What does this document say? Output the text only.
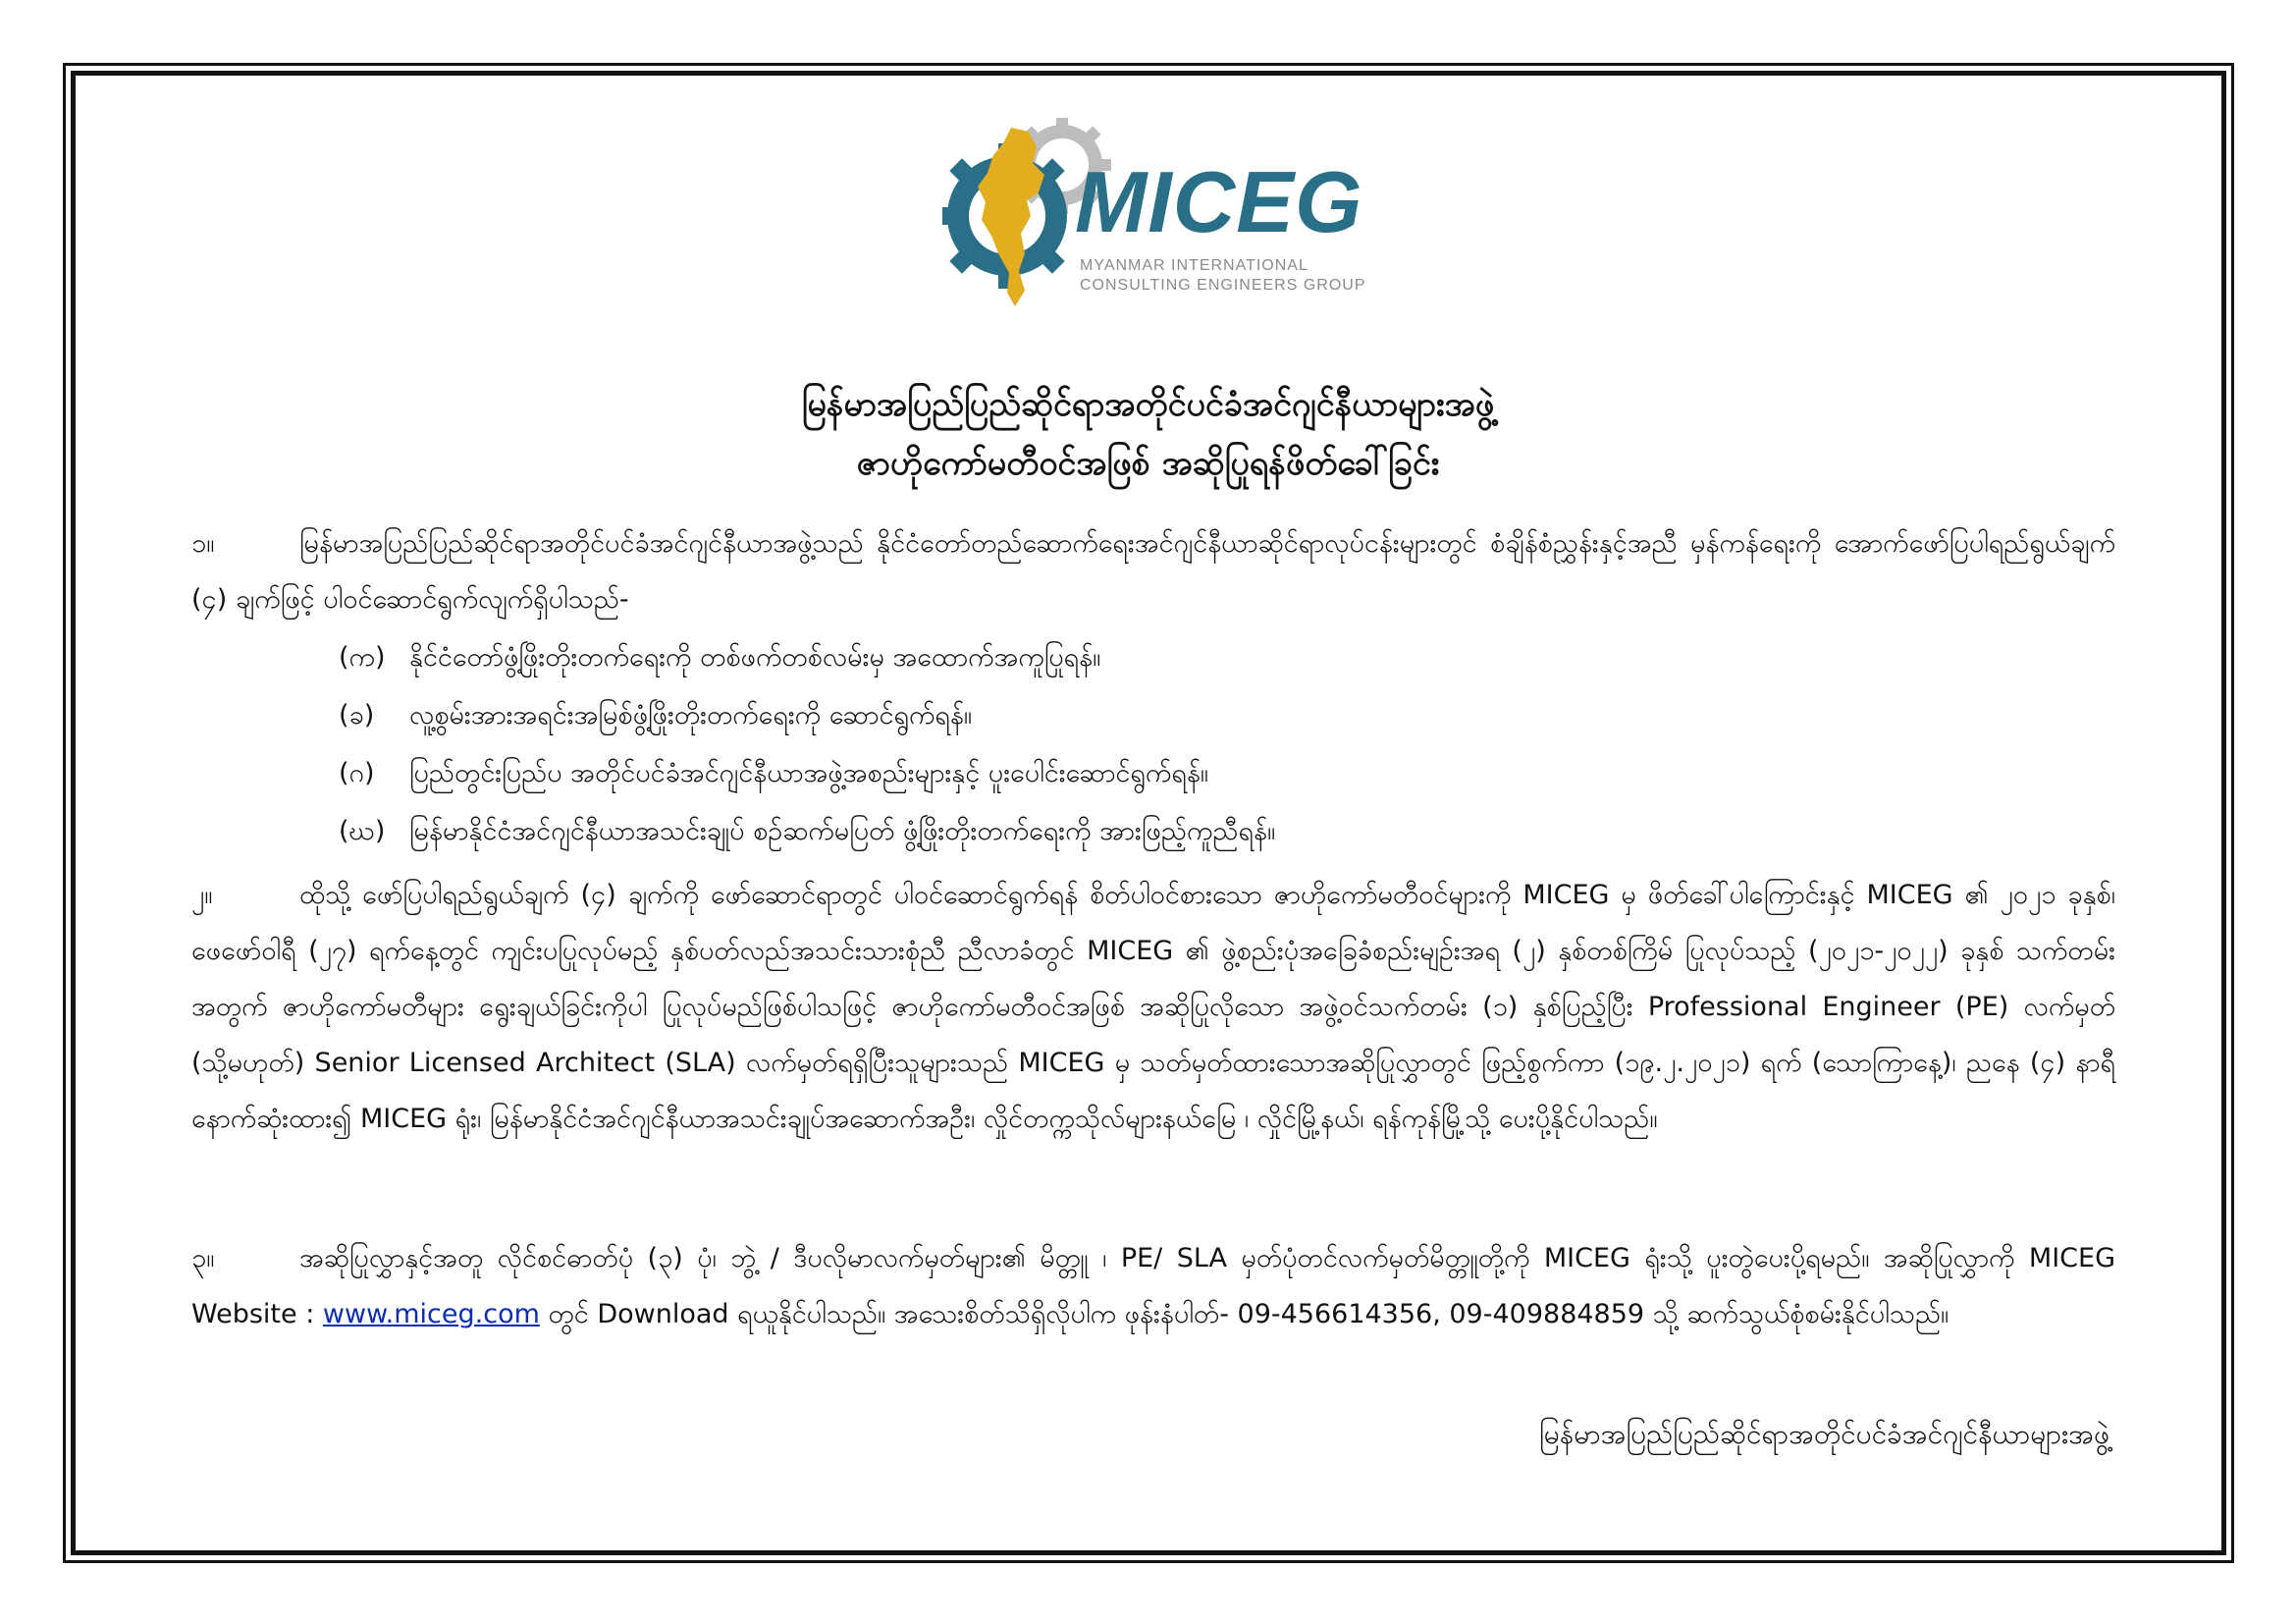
MICEG
MYANMAR INTERNATIONAL
CONSULTING ENGINEERS GROUP
မြန်မာအပြည်ပြည်ဆိုင်ရာအတိုင်ပင်ခံအင်ဂျင်နီယာများအဖွဲ့
ဇာဟိုကော်မတီဝင်အဖြစ် အဆိုပြုရန်ဖိတ်ခေါ်ခြင်း
၁။	မြန်မာအပြည်ပြည်ဆိုင်ရာအတိုင်ပင်ခံအင်ဂျင်နီယာအဖွဲ့သည် နိုင်ငံတော်တည်ဆောက်ရေးအင်ဂျင်နီယာဆိုင်ရာလုပ်ငန်းများတွင် စံချိန်စံညွှန်းနှင့်အညီ မှန်ကန်ရေးကို အောက်ဖော်ပြပါရည်ရွယ်ချက် (၄) ချက်ဖြင့် ပါဝင်ဆောင်ရွက်လျက်ရှိပါသည်-
(က) နိုင်ငံတော်ဖွံ့ဖြိုးတိုးတက်ရေးကို တစ်ဖက်တစ်လမ်းမှ အထောက်အကူပြုရန်။
(ခ) လူ့စွမ်းအားအရင်းအမြစ်ဖွံ့ဖြိုးတိုးတက်ရေးကို ဆောင်ရွက်ရန်။
(ဂ) ပြည်တွင်းပြည်ပ အတိုင်ပင်ခံအင်ဂျင်နီယာအဖွဲ့အစည်းများနှင့် ပူးပေါင်းဆောင်ရွက်ရန်။
(ဃ) မြန်မာနိုင်ငံအင်ဂျင်နီယာအသင်းချုပ် စဉ်ဆက်မပြတ် ဖွံ့ဖြိုးတိုးတက်ရေးကို အားဖြည့်ကူညီရန်။
၂။	ထိုသို့ ဖော်ပြပါရည်ရွယ်ချက် (၄) ချက်ကို ဖော်ဆောင်ရာတွင် ပါဝင်ဆောင်ရွက်ရန် စိတ်ပါဝင်စားသော ဇာဟိုကော်မတီဝင်များကို MICEG မှ ဖိတ်ခေါ်ပါကြောင်းနှင့် MICEG ၏ ၂၀၂၁ ခုနှစ်၊ ဖေဖော်ဝါရီ (၂၇) ရက်နေ့တွင် ကျင်းပပြုလုပ်မည့် နှစ်ပတ်လည်အသင်းသားစုံညီ ညီလာခံတွင် MICEG ၏ ဖွဲ့စည်းပုံအခြေခံစည်းမျဉ်းအရ (၂) နှစ်တစ်ကြိမ် ပြုလုပ်သည့် (၂၀၂၁-၂၀၂၂) ခုနှစ် သက်တမ်းအတွက် ဇာဟိုကော်မတီများ ရွေးချယ်ခြင်းကိုပါ ပြုလုပ်မည်ဖြစ်ပါသဖြင့် ဇာဟိုကော်မတီဝင်အဖြစ် အဆိုပြုလိုသော အဖွဲ့ဝင်သက်တမ်း (၁) နှစ်ပြည့်ပြီး Professional Engineer (PE) လက်မှတ် (သို့မဟုတ်) Senior Licensed Architect (SLA) လက်မှတ်ရရှိပြီးသူများသည် MICEG မှ သတ်မှတ်ထားသောအဆိုပြုလွှာတွင် ဖြည့်စွက်ကာ (၁၉.၂.၂၀၂၁) ရက် (သောကြာနေ့)၊ ညနေ (၄) နာရီ နောက်ဆုံးထား၍ MICEG ရုံး၊ မြန်မာနိုင်ငံအင်ဂျင်နီယာအသင်းချုပ်အဆောက်အဦး၊ လှိုင်တက္ကသိုလ်များနယ်မြေ ၊ လှိုင်မြို့နယ်၊ ရန်ကုန်မြို့သို့ ပေးပို့နိုင်ပါသည်။
၃။	အဆိုပြုလွှာနှင့်အတူ လိုင်စင်ဓာတ်ပုံ (၃) ပုံ၊ ဘွဲ့ / ဒီပလိုမာလက်မှတ်များ၏ မိတ္တူ ၊ PE/ SLA မှတ်ပုံတင်လက်မှတ်မိတ္တူတို့ကို MICEG ရုံးသို့ ပူးတွဲပေးပို့ရမည်။ အဆိုပြုလွှာကို MICEG Website : www.miceg.com တွင် Download ရယူနိုင်ပါသည်။ အသေးစိတ်သိရှိလိုပါက ဖုန်းနံပါတ်- 09-456614356, 09-409884859 သို့ ဆက်သွယ်စုံစမ်းနိုင်ပါသည်။
မြန်မာအပြည်ပြည်ဆိုင်ရာအတိုင်ပင်ခံအင်ဂျင်နီယာများအဖွဲ့
